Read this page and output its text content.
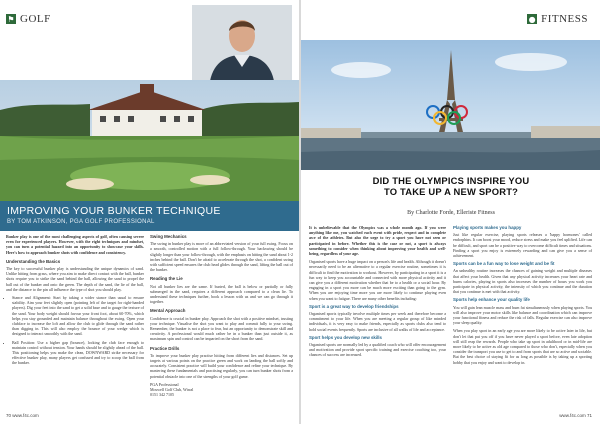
⚑ GOLF
IMPROVING YOUR BUNKER TECHNIQUE
BY TOM ATKINSON, PGA GOLF PROFESSIONAL

Bunker play is one of the most challenging aspects of golf, often causing severe even for experienced players. However, with the right techniques and mindset, you can turn a potential hazard into an opportunity to showcase your skills. Here's how to approach bunker shots with confidence and consistency.

Understanding the Basics

The key to successful bunker play is understanding the unique dynamics of sand. Unlike hitting from grass, where you aim to make direct contact with the ball, bunker shots require you to strike the sand behind the ball, allowing the sand to propel the ball out of the bunker and onto the green. The depth of the sand, the lie of the ball, and the distance to the pin all influence the type of shot you should play.

• Stance and Alignment: Start by taking a wider stance than usual to ensure stability. Aim your feet slightly open (pointing left of the target for right-handed players). Dig your feet into the sand to get a solid base and to gauge the texture of the sand. Your body weight should favour your front foot, about 60-70%, which helps you stay grounded and maintain balance throughout the swing. Open your clubface to increase the loft and allow the club to glide through the sand rather than digging in. This will also employ the bounce of your wedge which is designed to interact smoothly with the sand.
• Ball Position: Use a higher gap (bounce), locking the club face enough to maintain control without tension. Your hands should be slightly ahead of the ball. This positioning helps you make the clean, DOWNWARD strike necessary for effective bunker play, many players get confused and try to scoop the ball from the bunker.
Swing Mechanics

The swing in bunker play is more of an abbreviated version of your full swing. Focus on a smooth, controlled motion with a full follow-through. Your backswing should be slightly longer than your follow-through, with the emphasis on hitting the sand about 1-2 inches behind the ball. Don't be afraid to accelerate through the shot, a confident swing with sufficient speed ensures the club head glides through the sand, lifting the ball out of the bunker.

Reading the Lie

Not all bunker lies are the same. If buried, the ball is below or partially or fully submerged in the sand, requires a different approach compared to a clean lie. To understand these techniques further, book a lesson with us and we can go through it together.

Mental Approach

Confidence is crucial in bunker play. Approach the shot with a positive mindset, trusting your technique. Visualise the shot you want to play and commit fully to your swing. Remember, the bunker is not a place to fear, but an opportunity to demonstrate skill and creativity. A professional would much rather be in a bunker than just outside it, as maximum spin and control can be imparted on the short from the sand.

Practice Drills

To improve your bunker play practise hitting from different lies and distances. Set up targets at various points on the practice green and work on landing the ball softly and accurately. Consistent practice will build your confidence and refine your technique. By mastering these fundamentals and practising regularly, you can turn bunker shots from a potential obstacle into one of the strengths of your golf game.

PGA Professional

Moswell Golf Club, Wirral

0151 342 7105

70 www.f4c.com
● FITNESS
DID THE OLYMPICS INSPIRE YOU
TO TAKE UP A NEW SPORT?
By Charlotte Forde, Elleriste Fitness

It is unbelievable that the Olympics was a whole month ago. If you were anything like me, you watched each event with pride, respect and in complete awe of the athletes. But also the urge to try a sport you have not seen or participated in before. Whether this is the case or not, a sport is always something to consider when thinking about improving your health and well-being, regardless of your age.

Organised sports have a huge impact on a person's life and health. Although it doesn't necessarily need to be an alternative to a regular exercise routine, sometimes it is difficult to find the motivation to workout. However, by participating in a sport it is a fun way to keep you accountable and connected with more physical activity and it can give you a different motivation whether that be to a health or a social hour. By engaging in a sport you more can be much more exciting than going to the gym. When you are enjoying time more you are more likely to continue playing even when you want to fatigue. There are many other benefits including:

Sport is a great way to develop friendships

Organised sports typically involve multiple times per week and therefore become a commitment to your life. When you are meeting a regular group of like minded individuals, it is very easy to make friends, especially as sports clubs also tend to hold social events frequently. Sports are inclusive of all walks of life and acceptance.

Sport helps you develop new skills

Organised sports are normally led by a qualified coach who will offer encouragement and motivation and provide sport specific training and exercise coaching too, your chances of success are increased.

Playing sports makes you happy

Just like regular exercise, playing sports releases a 'happy hormones' called endorphins. It can boost your mood, reduce stress and make you feel uplifted. Life can be difficult, and sport can be a positive way to overcome difficult times and situations. Finding a sport you enjoy is extremely rewarding and can give you a sense of achievement.

Sports can be a fun way to lose weight and be fit

An unhealthy routine increases the chances of gaining weight and multiple diseases that affect your health. Given that any physical activity increases your heart rate and burns calories, playing in sports also increases the number of hours you work you participate in physical activity, the intensity of which you continue and the duration that you continue is met with that activity.

Sports help enhance your quality life

You will gain lean muscle mass and burn fat simultaneously when playing sports. You will also improve your motor skills like balance and coordination which can improve your functional fitness and reduce the risk of falls. Regular exercise can also improve your sleep quality.

When you play sport in an early age you are more likely to be active later in life, but don't let that put you off if you have never played a sport before, even late adoption will still reap the rewards. People who take up sport in adulthood or in mid-life are more likely to be active as old age compared to those who don't, especially when you consider the transport you use to get to and from sports that are so active and sociable. But the best choice of staying fit for as long as possible is by taking up a sporting hobby that you enjoy and want to develop in.

www.f4c.com 71
